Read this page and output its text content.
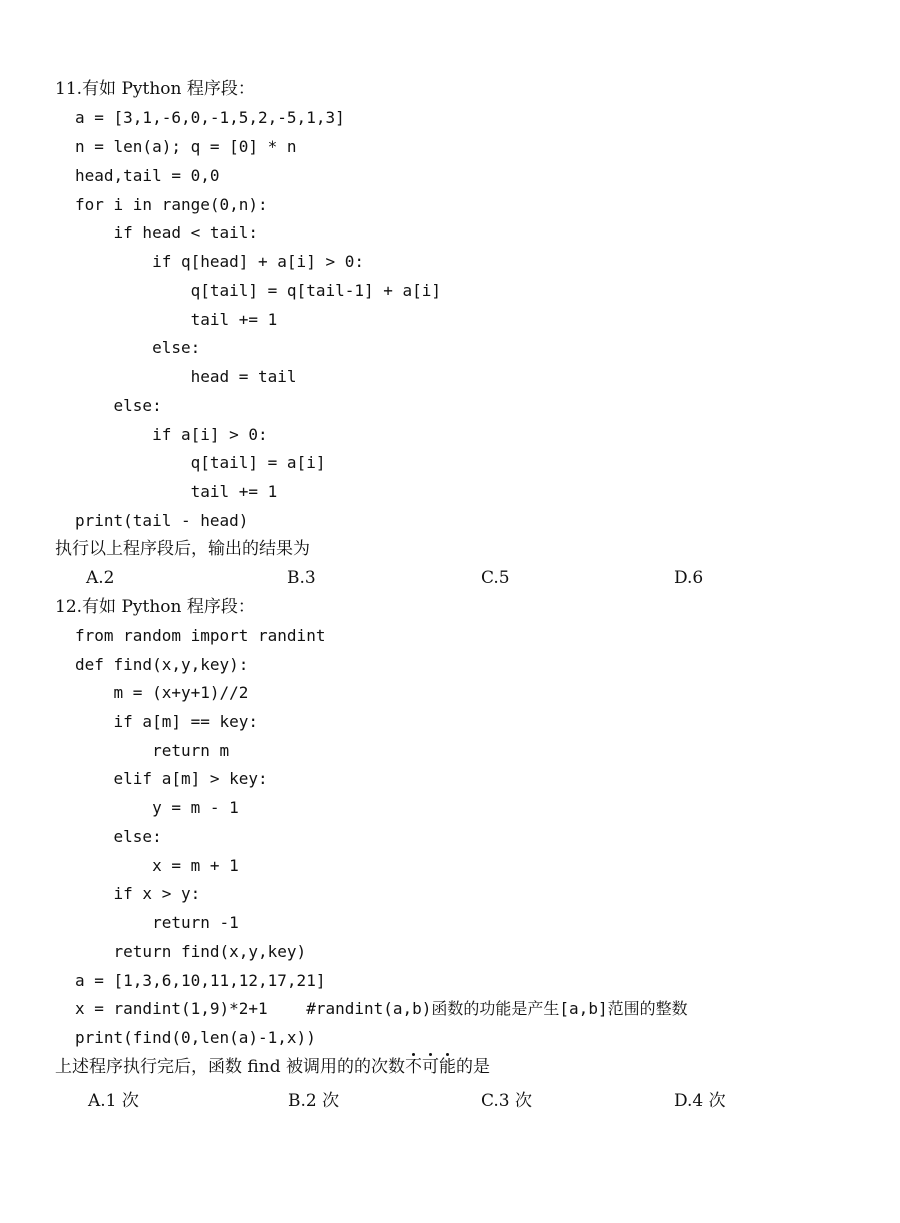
11.有如 Python 程序段：
a = [3,1,-6,0,-1,5,2,-5,1,3]
n = len(a); q = [0] * n
head,tail = 0,0
for i in range(0,n):
if head < tail:
if q[head] + a[i] > 0:
q[tail] = q[tail-1] + a[i]
tail += 1
else:
head = tail
else:
if a[i] > 0:
q[tail] = a[i]
tail += 1
print(tail - head)
执行以上程序段后，输出的结果为
A.2	B.3	C.5	D.6
12.有如 Python 程序段：
from random import randint
def find(x,y,key):
m = (x+y+1)//2
if a[m] == key:
return m
elif a[m] > key:
y = m - 1
else:
x = m + 1
if x > y:
return -1
return find(x,y,key)
a = [1,3,6,10,11,12,17,21]
x = randint(1,9)*2+1    #randint(a,b)函数的功能是产生[a,b]范围的整数
print(find(0,len(a)-1,x))
上述程序执行完后，函数 find 被调用的的次数不可能的是
A.1 次	B.2 次	C.3 次	D.4 次
